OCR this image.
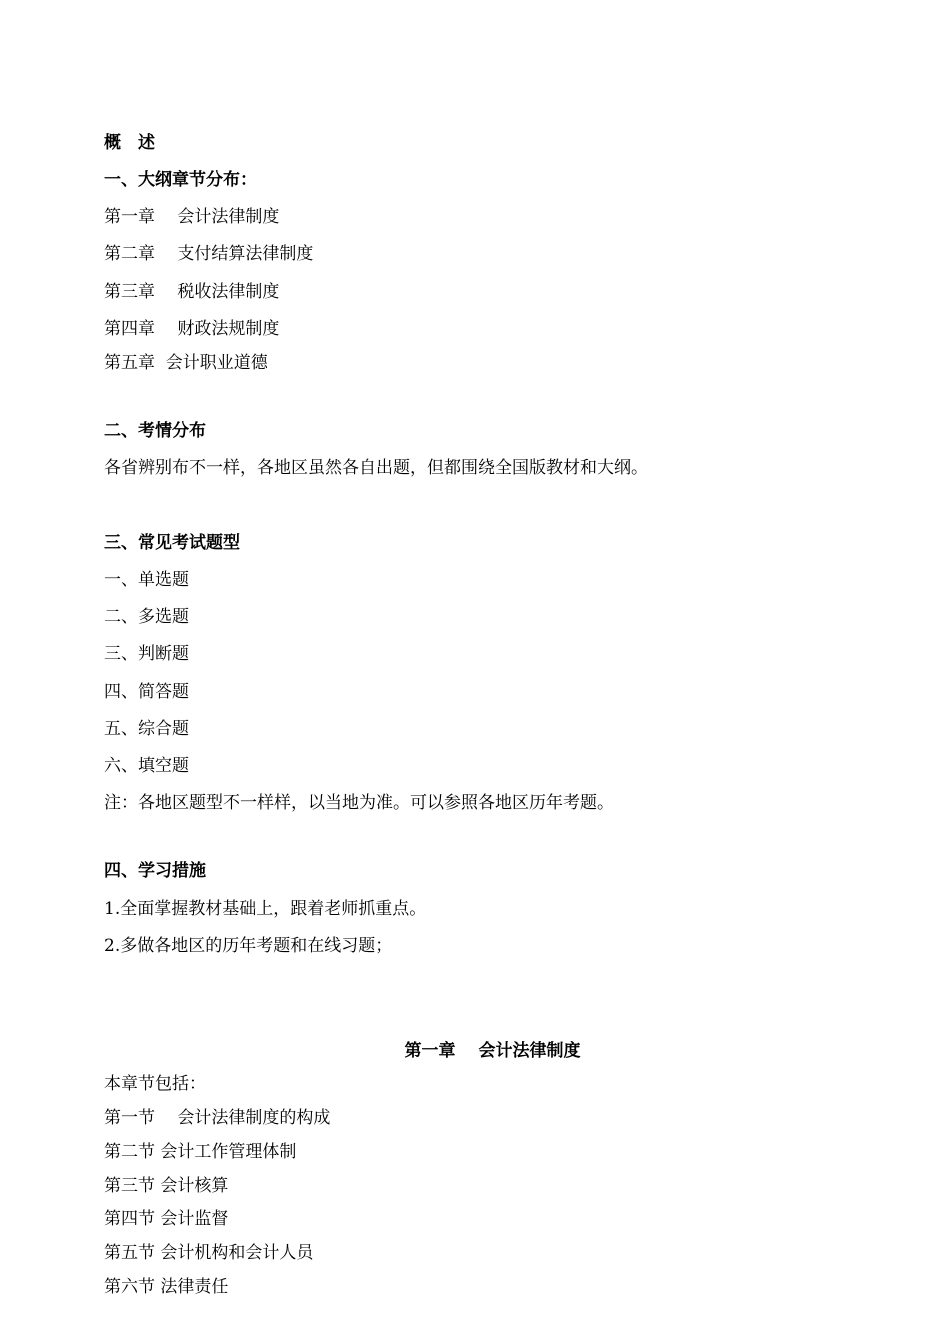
概　述
一、大纲章节分布：
第一章　 会计法律制度
第二章　 支付结算法律制度
第三章　 税收法律制度
第四章　 财政法规制度
第五章  会计职业道德
二、考情分布
各省辨别布不一样，各地区虽然各自出题，但都围绕全国版教材和大纲。
三、常见考试题型
一、单选题
二、多选题
三、判断题
四、简答题
五、综合题
六、填空题
注：各地区题型不一样样，以当地为准。可以参照各地区历年考题。
四、学习措施
1.全面掌握教材基础上，跟着老师抓重点。
2.多做各地区的历年考题和在线习题；
第一章　 会计法律制度
本章节包括：
第一节　 会计法律制度的构成
第二节 会计工作管理体制
第三节 会计核算
第四节 会计监督
第五节 会计机构和会计人员
第六节 法律责任
